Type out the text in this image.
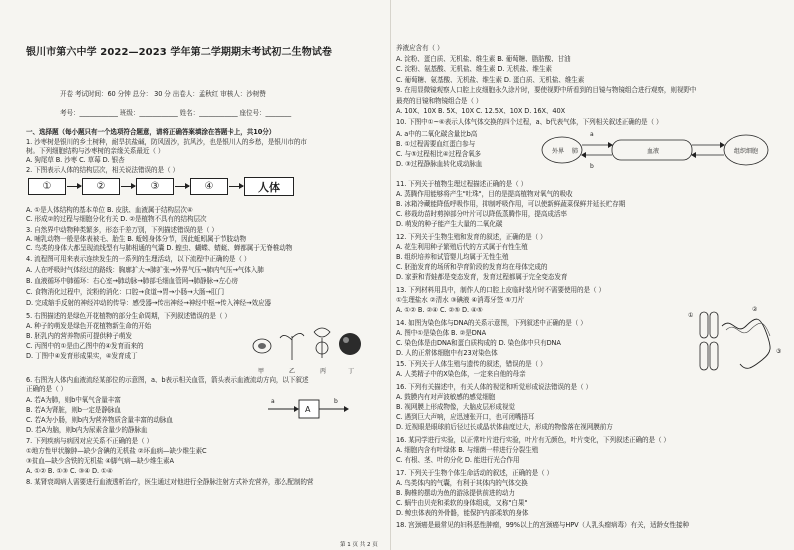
银川市第六中学 2022—2023 学年第二学期期末考试初二生物试卷
开卷 考试时间：60 分钟 总分： 30 分 出卷人：孟秋红 审核人：沙树赞
考号：____________ 班级：____________ 姓名：____________ 座位号：________
一、选择题（每小题只有一个选项符合题意，请将正确答案填涂在答题卡上，共10分）
1. 沙枣树是银川的乡土树种，耐旱抗盐碱，防风固沙，抗风沙，也是银川人的乡愁，是银川市的市
树。下列细胞结构与沙枣树的亲缘关系最近（ ）
A. 狗尾草 B. 沙枣 C. 草莓 D. 银杏
2. 下图表示人体的结构层次，相关说法错误的是（ ）
①	②	③	④	人体
A. ①是人体结构的基本单位 B. 皮肤、血液属于结构层次④
C. 形成②的过程与细胞分化有关 D. ②是植物不具有的结构层次
3. 自然界中动物种类繁多，形态千差万别，下列描述错误的是（ ）
A. 哺乳动物一般是体表被毛、胎生 B. 蚯蚓身体分节，因此蚯蚓属于节肢动物
C. 鸟类的身体大都呈现流线型有与肺相通的气囊 D. 蝗虫、蝴蝶、蜻蜓、蝉都属于无脊椎动物
4. 流程图可用来表示连续发生的一系列的生理活动，以下流程中正确的是（ ）
A. 人在呼吸时气体经过的路线：胸廓扩大→肺扩张→外界气压→肺内气压→气体入肺
B. 血液循环中肺循环：右心室→肺动脉→肺部毛细血管网→肺静脉→左心房
C. 食物消化过程中，淀粉的消化：口腔→食道→胃→小肠→大肠→肛门
D. 完成缩手反射的神经冲动的传导：感受器→传出神经→神经中枢→传入神经→效应器
5. 右图描述的是绿色开花植物的部分生命周期，下列叙述错误的是（ ）
A. 种子的萌发是绿色开花植物新生命的开始
B. 胚乳内的营养物质可提供种子萌发
C. 丙图中的①是由乙图中的④发育而来的
D. 丁图中④发育形成果实，④发育成丁
甲	乙	丙	丁
6. 右图为人体内血液流经某部位的示意图，a、b表示相关血管，箭头表示血液流动方向，以下叙述
正确的是（ ）
A. 若A为肺，则b中氧气含量丰富
B. 若A为肾脏，则b一定是静脉血
C. 若A为小肠，则b内为营养物质含量丰富的动脉血
D. 若A为脑，则b内为尿素含量少的静脉血
a
A
b
7. 下列疾病与病因对应关系不正确的是（ ）
①地方性甲状腺肿—缺少含碘的无机盐 ②坏血病—缺少维生素C
③贫血—缺少含铁的无机盐 ④脚气病—缺少维生素A
A. ①② B. ①③ C. ③④ D. ①④
8. 某肾衰竭病人需要进行血液透析治疗，医生通过对他进行全静脉注射方式补充营养，那么配制的营
养液应含有（ ）
A. 淀粉、蛋白质、无机盐、维生素 B. 葡萄糖、脂肪酸、甘油
C. 淀粉、氨基酸、无机盐、维生素 D. 无机盐、维生素
C. 葡萄糖、氨基酸、无机盐、维生素 D. 蛋白质、无机盐、维生素
9. 在用显微镜观察人口腔上皮细胞永久涂片时，要使视野中所看到的目镜与物镜组合进行观察，则视野中
最亮的目镜和物镜组合是（ ）
A. 10X、10X B. 5X、10X C. 12.5X、10X D. 16X、40X
10. 下图中①~⑥表示人体气体交换的四个过程，a、b代表气体，下列相关叙述正确的是（ ）
A. a中的二氧化碳含量比b高
B. ①过程需要血红蛋白参与
C. 与⑤过程相比④过程含氧多
D. ③过程静脉血转化成动脉血
外界 肺	血液	组织细胞
a
b
11. 下列关于植物生理过程描述正确的是（ ）
A. 蒸腾作用能够将产生"吐珠"，目的是提高植物对氧气的吸收
B. 冰箱冷藏能降低呼吸作用，抑制呼吸作用，可以使新鲜蔬菜保鲜并延长贮存期
C. 移栽幼苗时剪掉部分叶片可以降低蒸腾作用，提高成活率
D. 萌发的种子能产生大量的二氧化碳
12. 下列关于生物生殖和发育的叙述，正确的是（ ）
A. 花生利用种子繁殖后代的方式属于有性生殖
B. 组织培养和试管婴儿均属于无性生殖
C. 胚胎发育的场所和孕育阶段的发育均在母体完成的
D. 家蚕和青蛙都是变态发育，发育过程都属于完全变态发育
13. 下列材料用具中，制作人的口腔上皮临时装片时不需要使用的是（ ）
①生理盐水 ②清水 ③碘液 ④消毒牙签 ⑤刀片
A. ①② B. ②④ C. ②⑤ D. ④⑤
14. 如图为染色体与DNA的关系示意图，下列叙述中正确的是（ ）
A. 图中①是染色体 B. ②是DNA
C. 染色体是由DNA和蛋白质构成的 D. 染色体中只有DNA
D. 人的正常体细胞中有23对染色体
①
②
③
15. 下列关于人体生殖与遗传的叙述，错误的是（ ）
A. 人类精子中的X染色体，一定来自他的母亲
16. 下列有关描述中，有关人体的视觉和听觉形成说法错误的是（ ）
A. 鼓膜内有对声波敏感的感觉细胞
B. 视网膜上形成物像，大脑皮层形成视觉
C. 遇到巨大声响，应迅速张开口，也可闭嘴捂耳
D. 近视眼是眼球前后径过长或晶状体曲度过大，形成的物像落在视网膜前方
16. 某同学进行实验，以正常叶片进行实验，叶片有无颜色，叶片变化，下列叙述正确的是（ ）
A. 细胞内含有叶绿体 B. 与细菌一样进行分裂生殖
C. 有根、茎、叶的分化 D. 能进行光合作用
17. 下列关于生物个体生命活动的叙述，正确的是（ ）
A. 鸟类体内的气囊，有利于其体内的气体交换
B. 胸椎的摆动为鱼的游泳提供前进的动力
C. 蜗牛由贝壳和柔软的身体组成，又称"白果"
D. 鲸虫体表的外骨骼，能保护内部柔软的身体
18. 宫颈癌是最常见的妇科恶性肿瘤，99%以上的宫颈癌与HPV（人乳头瘤病毒）有关，适龄女性接种
第 1 页 共 2 页
